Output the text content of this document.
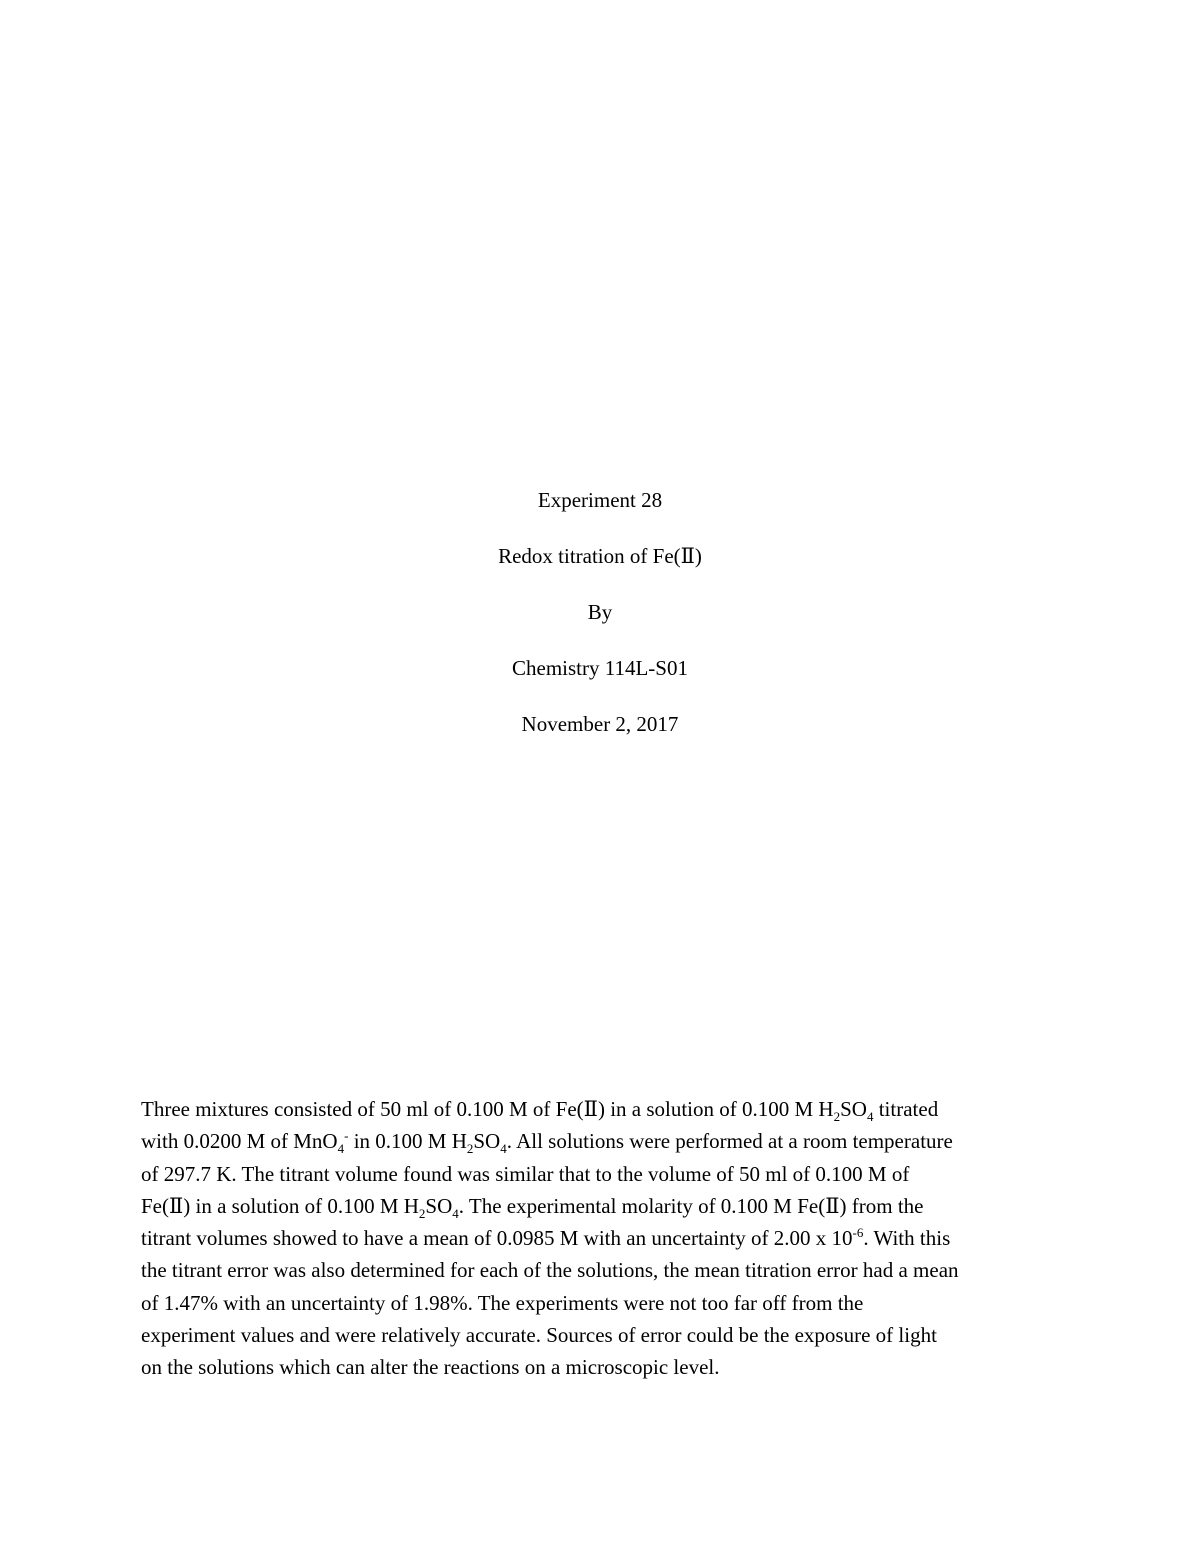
Experiment 28
Redox titration of Fe(Ⅱ)
By
Chemistry 114L-S01
November 2, 2017
Three mixtures consisted of 50 ml of 0.100 M of Fe(Ⅱ) in a solution of 0.100 M $H_2SO_4$ titrated
with 0.0200 M of MnO$_4$- in 0.100 M $H_2SO_4$. All solutions were performed at a room temperature
of 297.7 K. The titrant volume found was similar that to the volume of 50 ml of 0.100 M of
Fe(Ⅱ) in a solution of 0.100 M $H_2SO_4$. The experimental molarity of 0.100 M Fe(Ⅱ) from the
titrant volumes showed to have a mean of 0.0985 M with an uncertainty of 2.00 x $10^{-6}$. With this
the titrant error was also determined for each of the solutions, the mean titration error had a mean
of 1.47% with an uncertainty of 1.98%. The experiments were not too far off from the
experiment values and were relatively accurate. Sources of error could be the exposure of light
on the solutions which can alter the reactions on a microscopic level.
